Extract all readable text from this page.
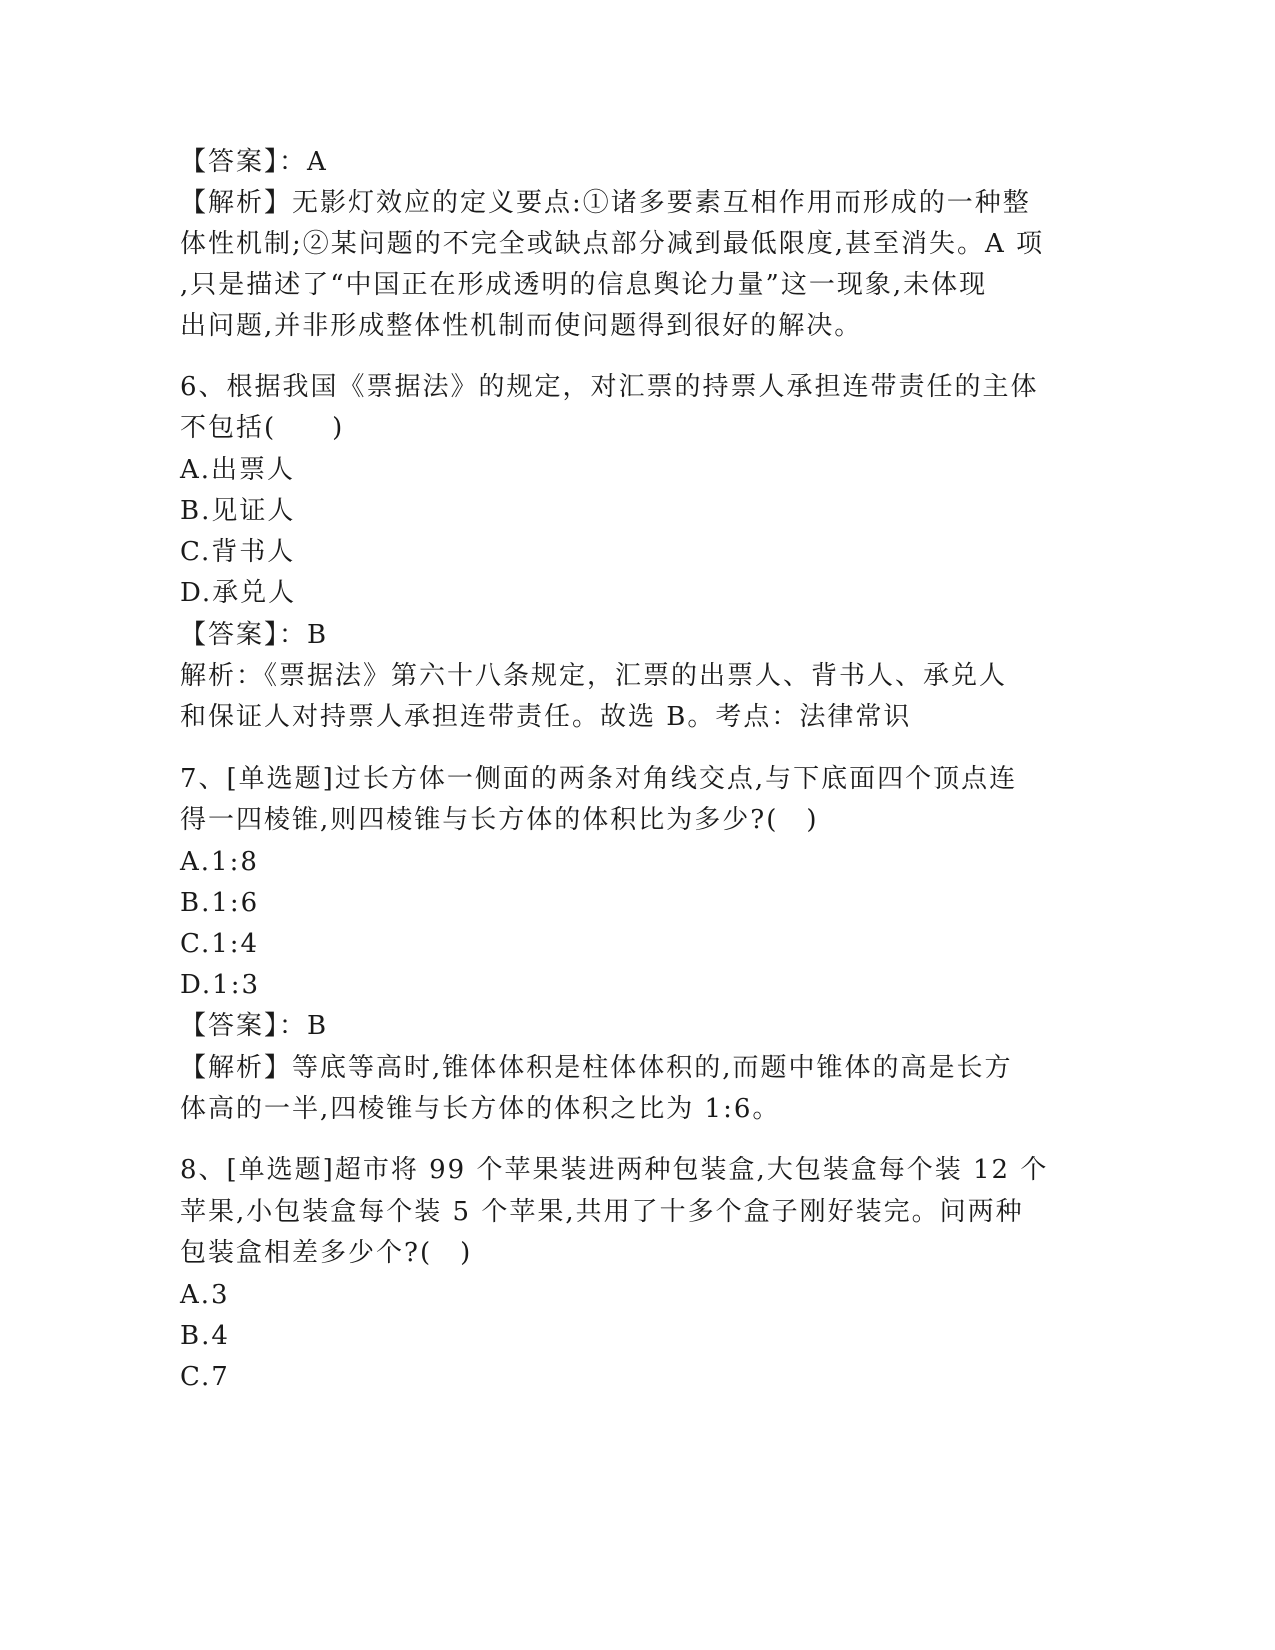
【答案】：A
【解析】无影灯效应的定义要点:①诸多要素互相作用而形成的一种整
体性机制;②某问题的不完全或缺点部分减到最低限度,甚至消失。A 项
,只是描述了“中国正在形成透明的信息舆论力量”这一现象,未体现
出问题,并非形成整体性机制而使问题得到很好的解决。
6、根据我国《票据法》的规定，对汇票的持票人承担连带责任的主体
不包括(　　)
A.出票人
B.见证人
C.背书人
D.承兑人
【答案】：B
解析：《票据法》第六十八条规定，汇票的出票人、背书人、承兑人
和保证人对持票人承担连带责任。故选 B。考点：法律常识
7、[单选题]过长方体一侧面的两条对角线交点,与下底面四个顶点连
得一四棱锥,则四棱锥与长方体的体积比为多少?(　)
A.1:8
B.1:6
C.1:4
D.1:3
【答案】：B
【解析】等底等高时,锥体体积是柱体体积的,而题中锥体的高是长方
体高的一半,四棱锥与长方体的体积之比为 1:6。
8、[单选题]超市将 99 个苹果装进两种包装盒,大包装盒每个装 12 个
苹果,小包装盒每个装 5 个苹果,共用了十多个盒子刚好装完。问两种
包装盒相差多少个?(　)
A.3
B.4
C.7
